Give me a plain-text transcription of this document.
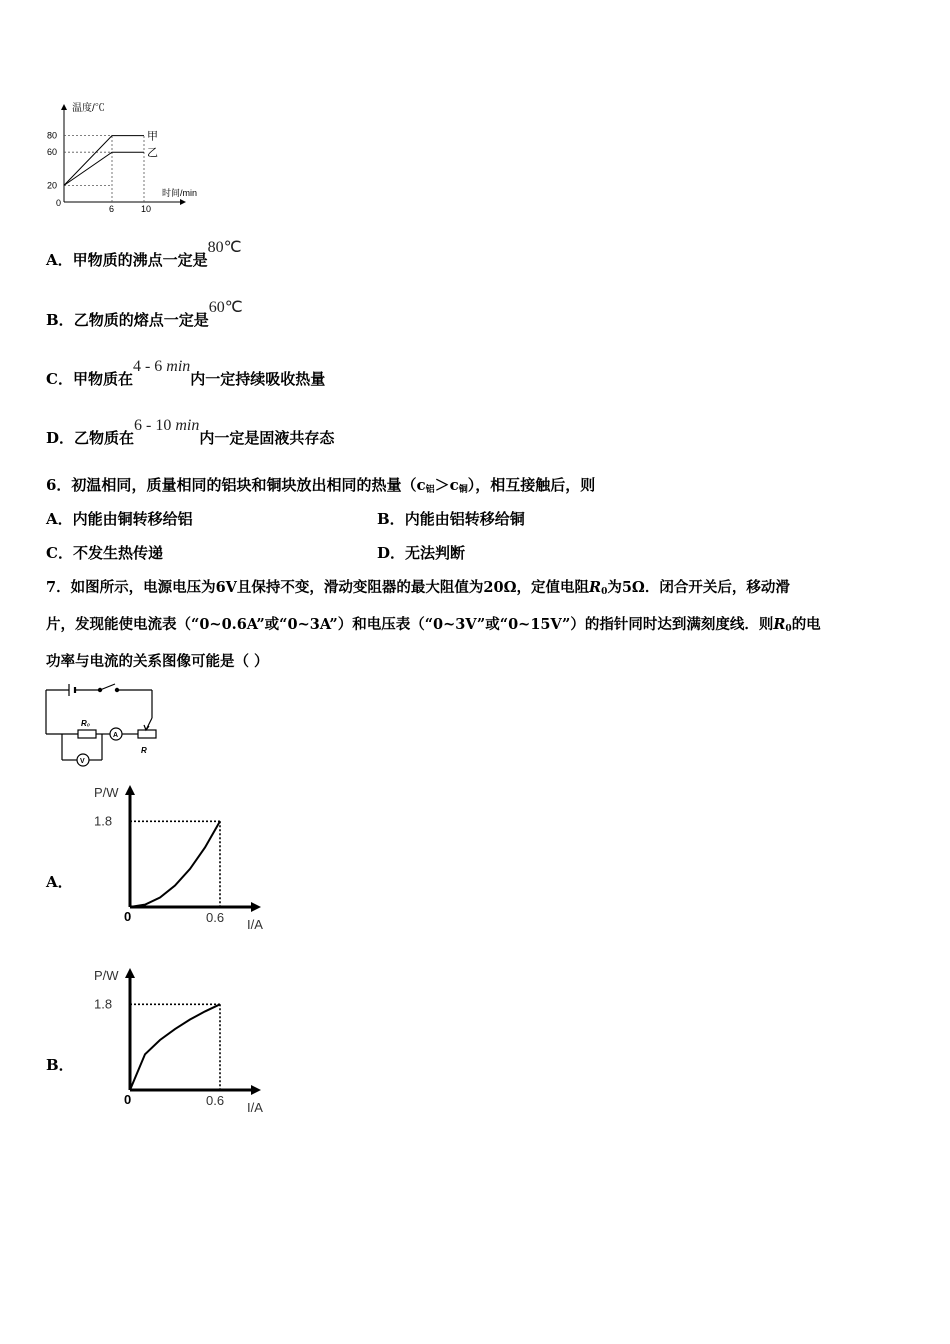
温度/℃
时间/min
0
20
60
80
6	10
甲
乙
A．甲物质的沸点一定是80℃
B．乙物质的熔点一定是60℃
C．甲物质在4 - 6 min内一定持续吸收热量
D．乙物质在6 - 10 min内一定是固液共存态
6．初温相同，质量相同的铝块和铜块放出相同的热量$(c_铝>c_铜)$，相互接触后，则
A．内能由铜转移给铝	B．内能由铝转移给铜
C．不发生热传递	D．无法判断
7．如图所示，电源电压为6V且保持不变，滑动变阻器的最大阻值为20Ω，定值电阻$R_0$为5Ω．闭合开关后，移动滑
片，发现能使电流表（“0~0.6A”或“0~3A”）和电压表（“0~3V”或“0~15V”）的指针同时达到满刻度线．则$R_0$的电
功率与电流的关系图像可能是（ ）
R₀
A
R
V
A．
P/W
I/A
0
1.8
0.6
B．
P/W
I/A
0
1.8
0.6
